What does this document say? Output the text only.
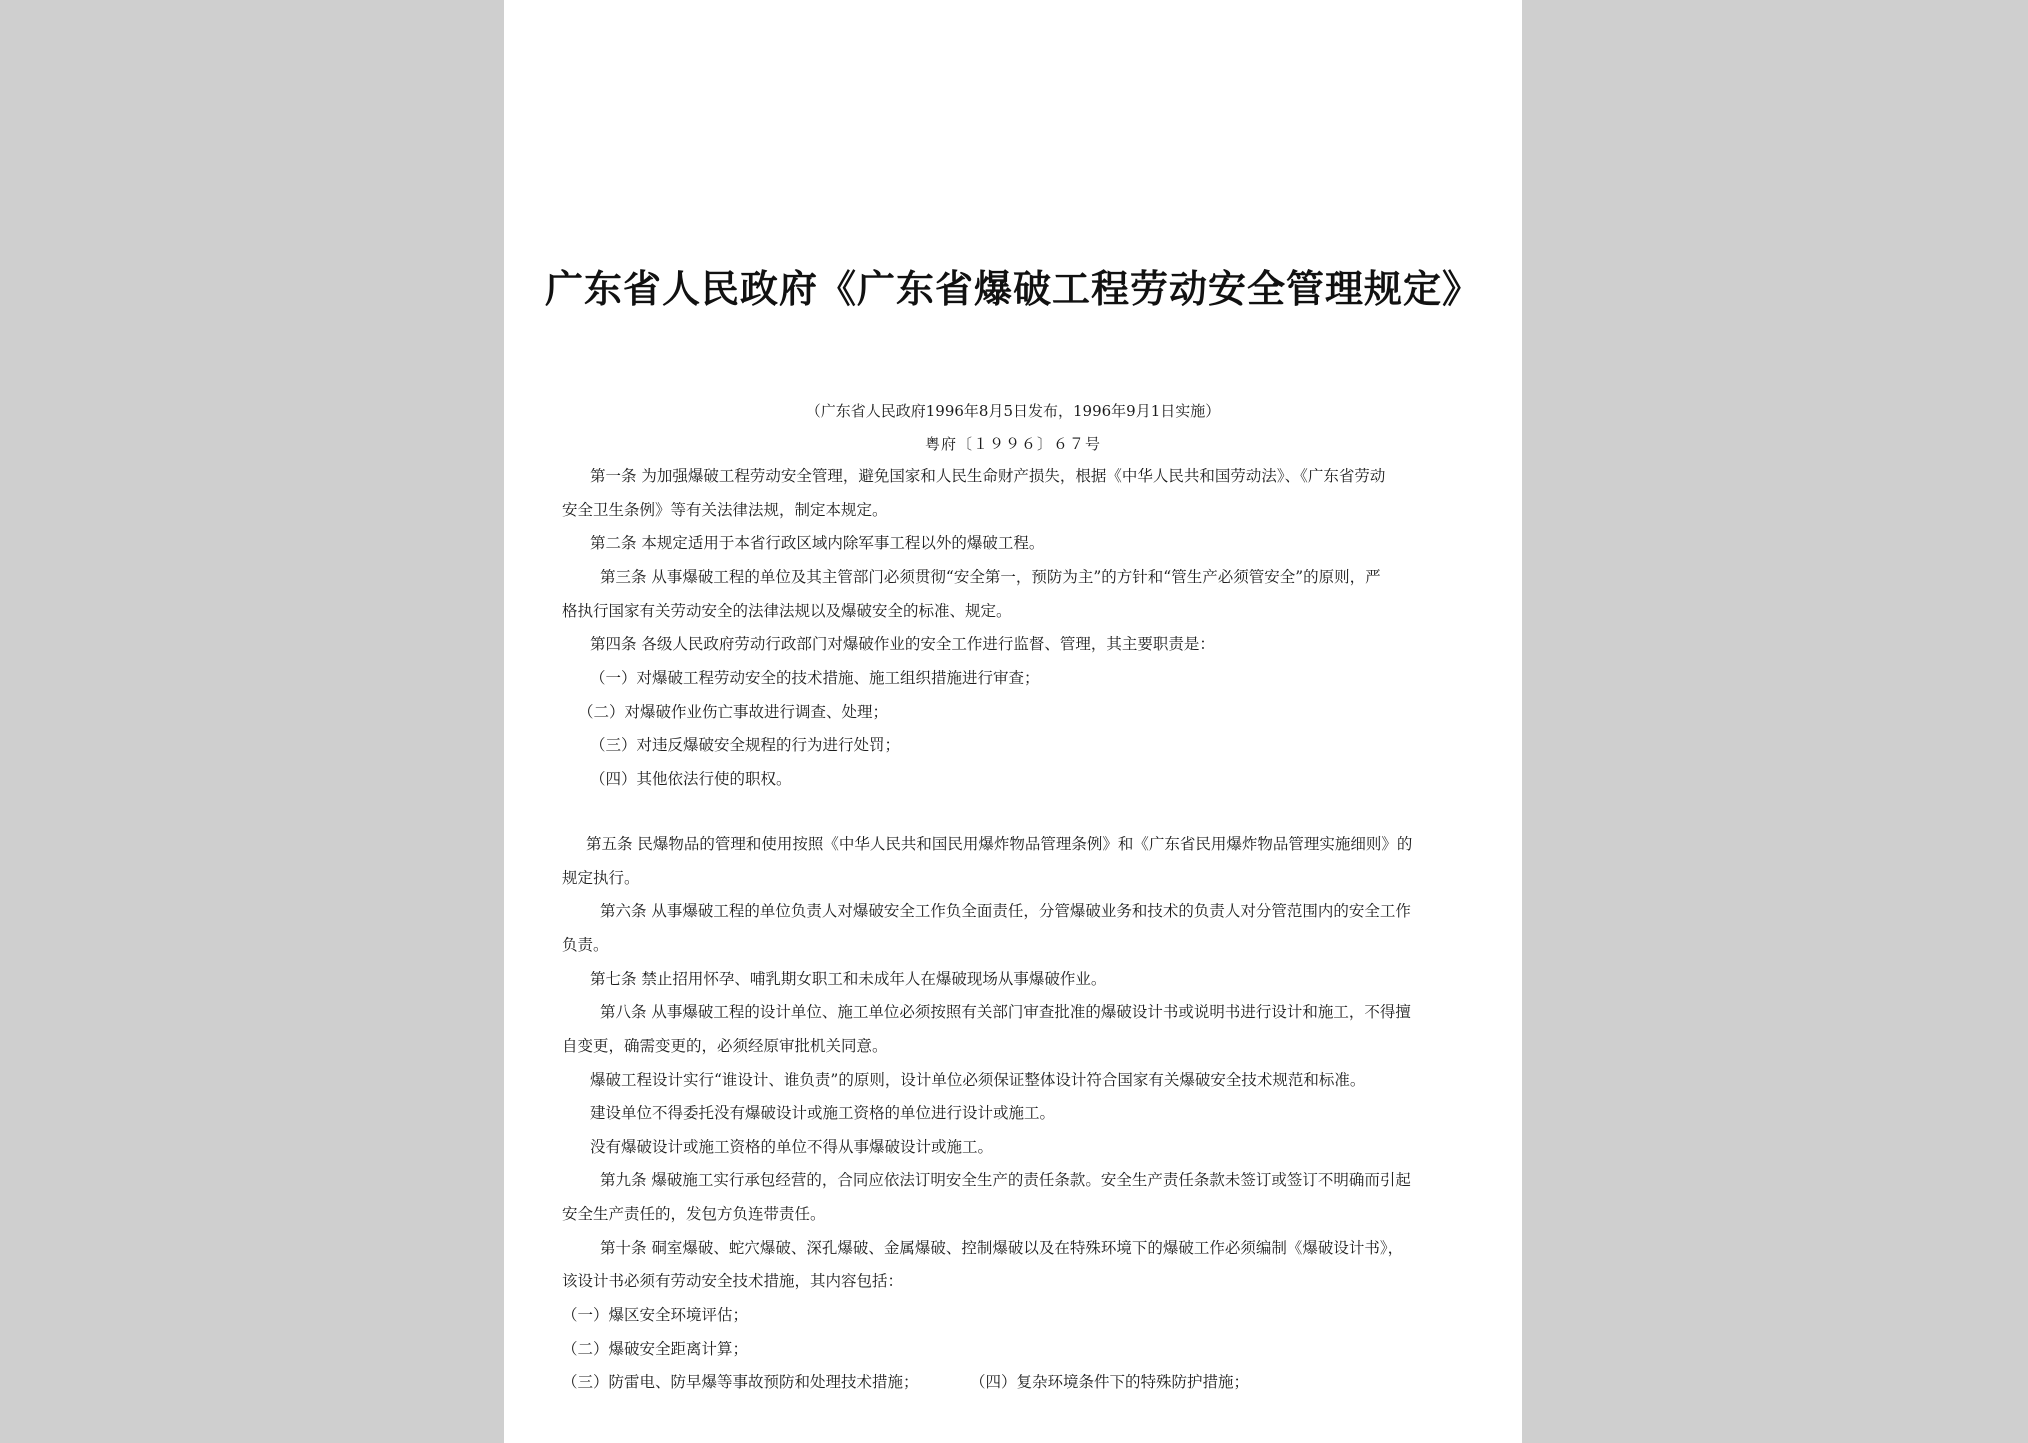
广东省人民政府《广东省爆破工程劳动安全管理规定》
（广东省人民政府1996年8月5日发布，1996年9月1日实施）
粤府〔１９９６〕６７号
第一条 为加强爆破工程劳动安全管理，避免国家和人民生命财产损失，根据《中华人民共和国劳动法》、《广东省劳动
安全卫生条例》等有关法律法规，制定本规定。
第二条 本规定适用于本省行政区域内除军事工程以外的爆破工程。
第三条 从事爆破工程的单位及其主管部门必须贯彻“安全第一，预防为主”的方针和“管生产必须管安全”的原则，严
格执行国家有关劳动安全的法律法规以及爆破安全的标准、规定。
第四条 各级人民政府劳动行政部门对爆破作业的安全工作进行监督、管理，其主要职责是：
（一）对爆破工程劳动安全的技术措施、施工组织措施进行审查；
（二）对爆破作业伤亡事故进行调查、处理；
（三）对违反爆破安全规程的行为进行处罚；
（四）其他依法行使的职权。
第五条 民爆物品的管理和使用按照《中华人民共和国民用爆炸物品管理条例》和《广东省民用爆炸物品管理实施细则》的
规定执行。
第六条 从事爆破工程的单位负责人对爆破安全工作负全面责任，分管爆破业务和技术的负责人对分管范围内的安全工作
负责。
第七条 禁止招用怀孕、哺乳期女职工和未成年人在爆破现场从事爆破作业。
第八条 从事爆破工程的设计单位、施工单位必须按照有关部门审查批准的爆破设计书或说明书进行设计和施工，不得擅
自变更，确需变更的，必须经原审批机关同意。
爆破工程设计实行“谁设计、谁负责”的原则，设计单位必须保证整体设计符合国家有关爆破安全技术规范和标准。
建设单位不得委托没有爆破设计或施工资格的单位进行设计或施工。
没有爆破设计或施工资格的单位不得从事爆破设计或施工。
第九条 爆破施工实行承包经营的，合同应依法订明安全生产的责任条款。安全生产责任条款未签订或签订不明确而引起
安全生产责任的，发包方负连带责任。
第十条 硐室爆破、蛇穴爆破、深孔爆破、金属爆破、控制爆破以及在特殊环境下的爆破工作必须编制《爆破设计书》，
该设计书必须有劳动安全技术措施，其内容包括：
（一）爆区安全环境评估；
（二）爆破安全距离计算；
（三）防雷电、防早爆等事故预防和处理技术措施；	（四）复杂环境条件下的特殊防护措施；
